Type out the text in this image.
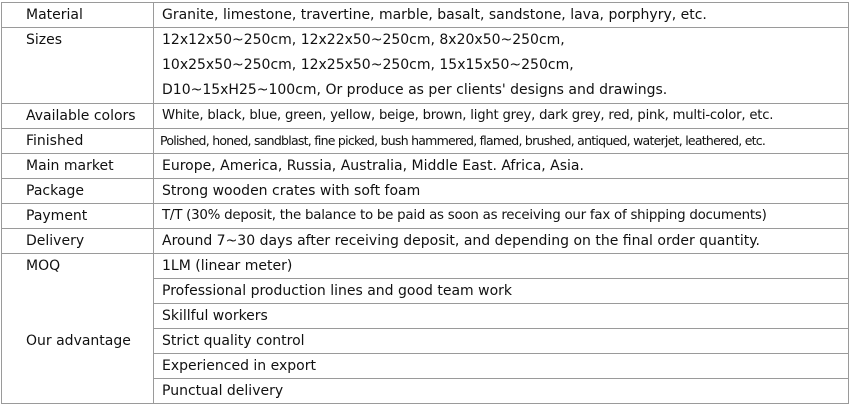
Material	Granite, limestone, travertine, marble, basalt, sandstone, lava, porphyry, etc.
Sizes	12x12x50~250cm, 12x22x50~250cm, 8x20x50~250cm,
10x25x50~250cm, 12x25x50~250cm, 15x15x50~250cm,
D10~15xH25~100cm, Or produce as per clients' designs and drawings.

Available colors	White, black, blue, green, yellow, beige, brown, light grey, dark grey, red, pink, multi-color, etc.
Finished	Polished, honed, sandblast, fine picked, bush hammered, flamed, brushed, antiqued, waterjet, leathered, etc.
Main market	Europe, America, Russia, Australia, Middle East. Africa, Asia.
Package	Strong wooden crates with soft foam
Payment	T/T (30% deposit, the balance to be paid as soon as receiving our fax of shipping documents)
Delivery	Around 7~30 days after receiving deposit, and depending on the final order quantity.
MOQ	1LM (linear meter)
Our advantage	Professional production lines and good team work
	Skillful workers
	Strict quality control
	Experienced in export
	Punctual delivery
